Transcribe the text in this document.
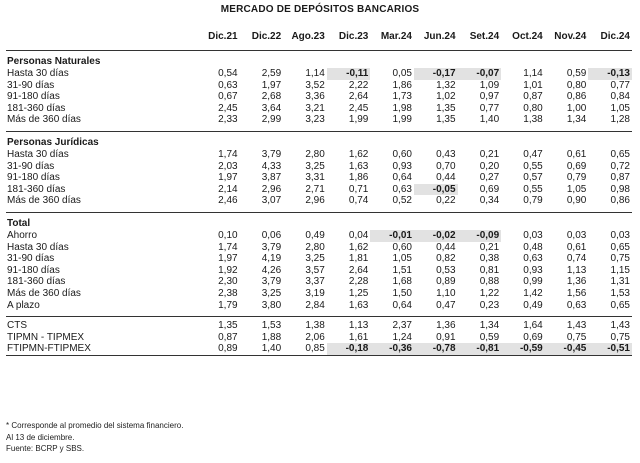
MERCADO DE DEPÓSITOS BANCARIOS
	Dic.21	Dic.22	Ago.23	Dic.23	Mar.24	Jun.24	Set.24	Oct.24	Nov.24	Dic.24
Personas Naturales										
Hasta 30 días	0,54	2,59	1,14	-0,11	0,05	-0,17	-0,07	1,14	0,59	-0,13
31-90 días	0,63	1,97	3,52	2,22	1,86	1,32	1,09	1,01	0,80	0,77
91-180 días	0,67	2,68	3,36	2,64	1,73	1,02	0,97	0,87	0,86	0,84
181-360 días	2,45	3,64	3,21	2,45	1,98	1,35	0,77	0,80	1,00	1,05
Más de 360 días	2,33	2,99	3,23	1,99	1,99	1,35	1,40	1,38	1,34	1,28

Personas Jurídicas										
Hasta 30 días	1,74	3,79	2,80	1,62	0,60	0,43	0,21	0,47	0,61	0,65
31-90 días	2,03	4,33	3,25	1,63	0,93	0,70	0,20	0,55	0,69	0,72
91-180 días	1,97	3,87	3,31	1,86	0,64	0,44	0,27	0,57	0,79	0,87
181-360 días	2,14	2,96	2,71	0,71	0,63	-0,05	0,69	0,55	1,05	0,98
Más de 360 días	2,46	3,07	2,96	0,74	0,52	0,22	0,34	0,79	0,90	0,86

Total										
Ahorro	0,10	0,06	0,49	0,04	-0,01	-0,02	-0,09	0,03	0,03	0,03
Hasta 30 días	1,74	3,79	2,80	1,62	0,60	0,44	0,21	0,48	0,61	0,65
31-90 días	1,97	4,19	3,25	1,81	1,05	0,82	0,38	0,63	0,74	0,75
91-180 días	1,92	4,26	3,57	2,64	1,51	0,53	0,81	0,93	1,13	1,15
181-360 días	2,30	3,79	3,37	2,28	1,68	0,89	0,88	0,99	1,36	1,31
Más de 360 días	2,38	3,25	3,19	1,25	1,50	1,10	1,22	1,42	1,56	1,53
A plazo	1,79	3,80	2,84	1,63	0,64	0,47	0,23	0,49	0,63	0,65

CTS	1,35	1,53	1,38	1,13	2,37	1,36	1,34	1,64	1,43	1,43
TIPMN - TIPMEX	0,87	1,88	2,06	1,61	1,24	0,91	0,59	0,69	0,75	0,75
FTIPMN-FTIPMEX	0,89	1,40	0,85	-0,18	-0,36	-0,78	-0,81	-0,59	-0,45	-0,51
* Corresponde al promedio del sistema financiero.
Al 13 de diciembre.
Fuente: BCRP y SBS.
